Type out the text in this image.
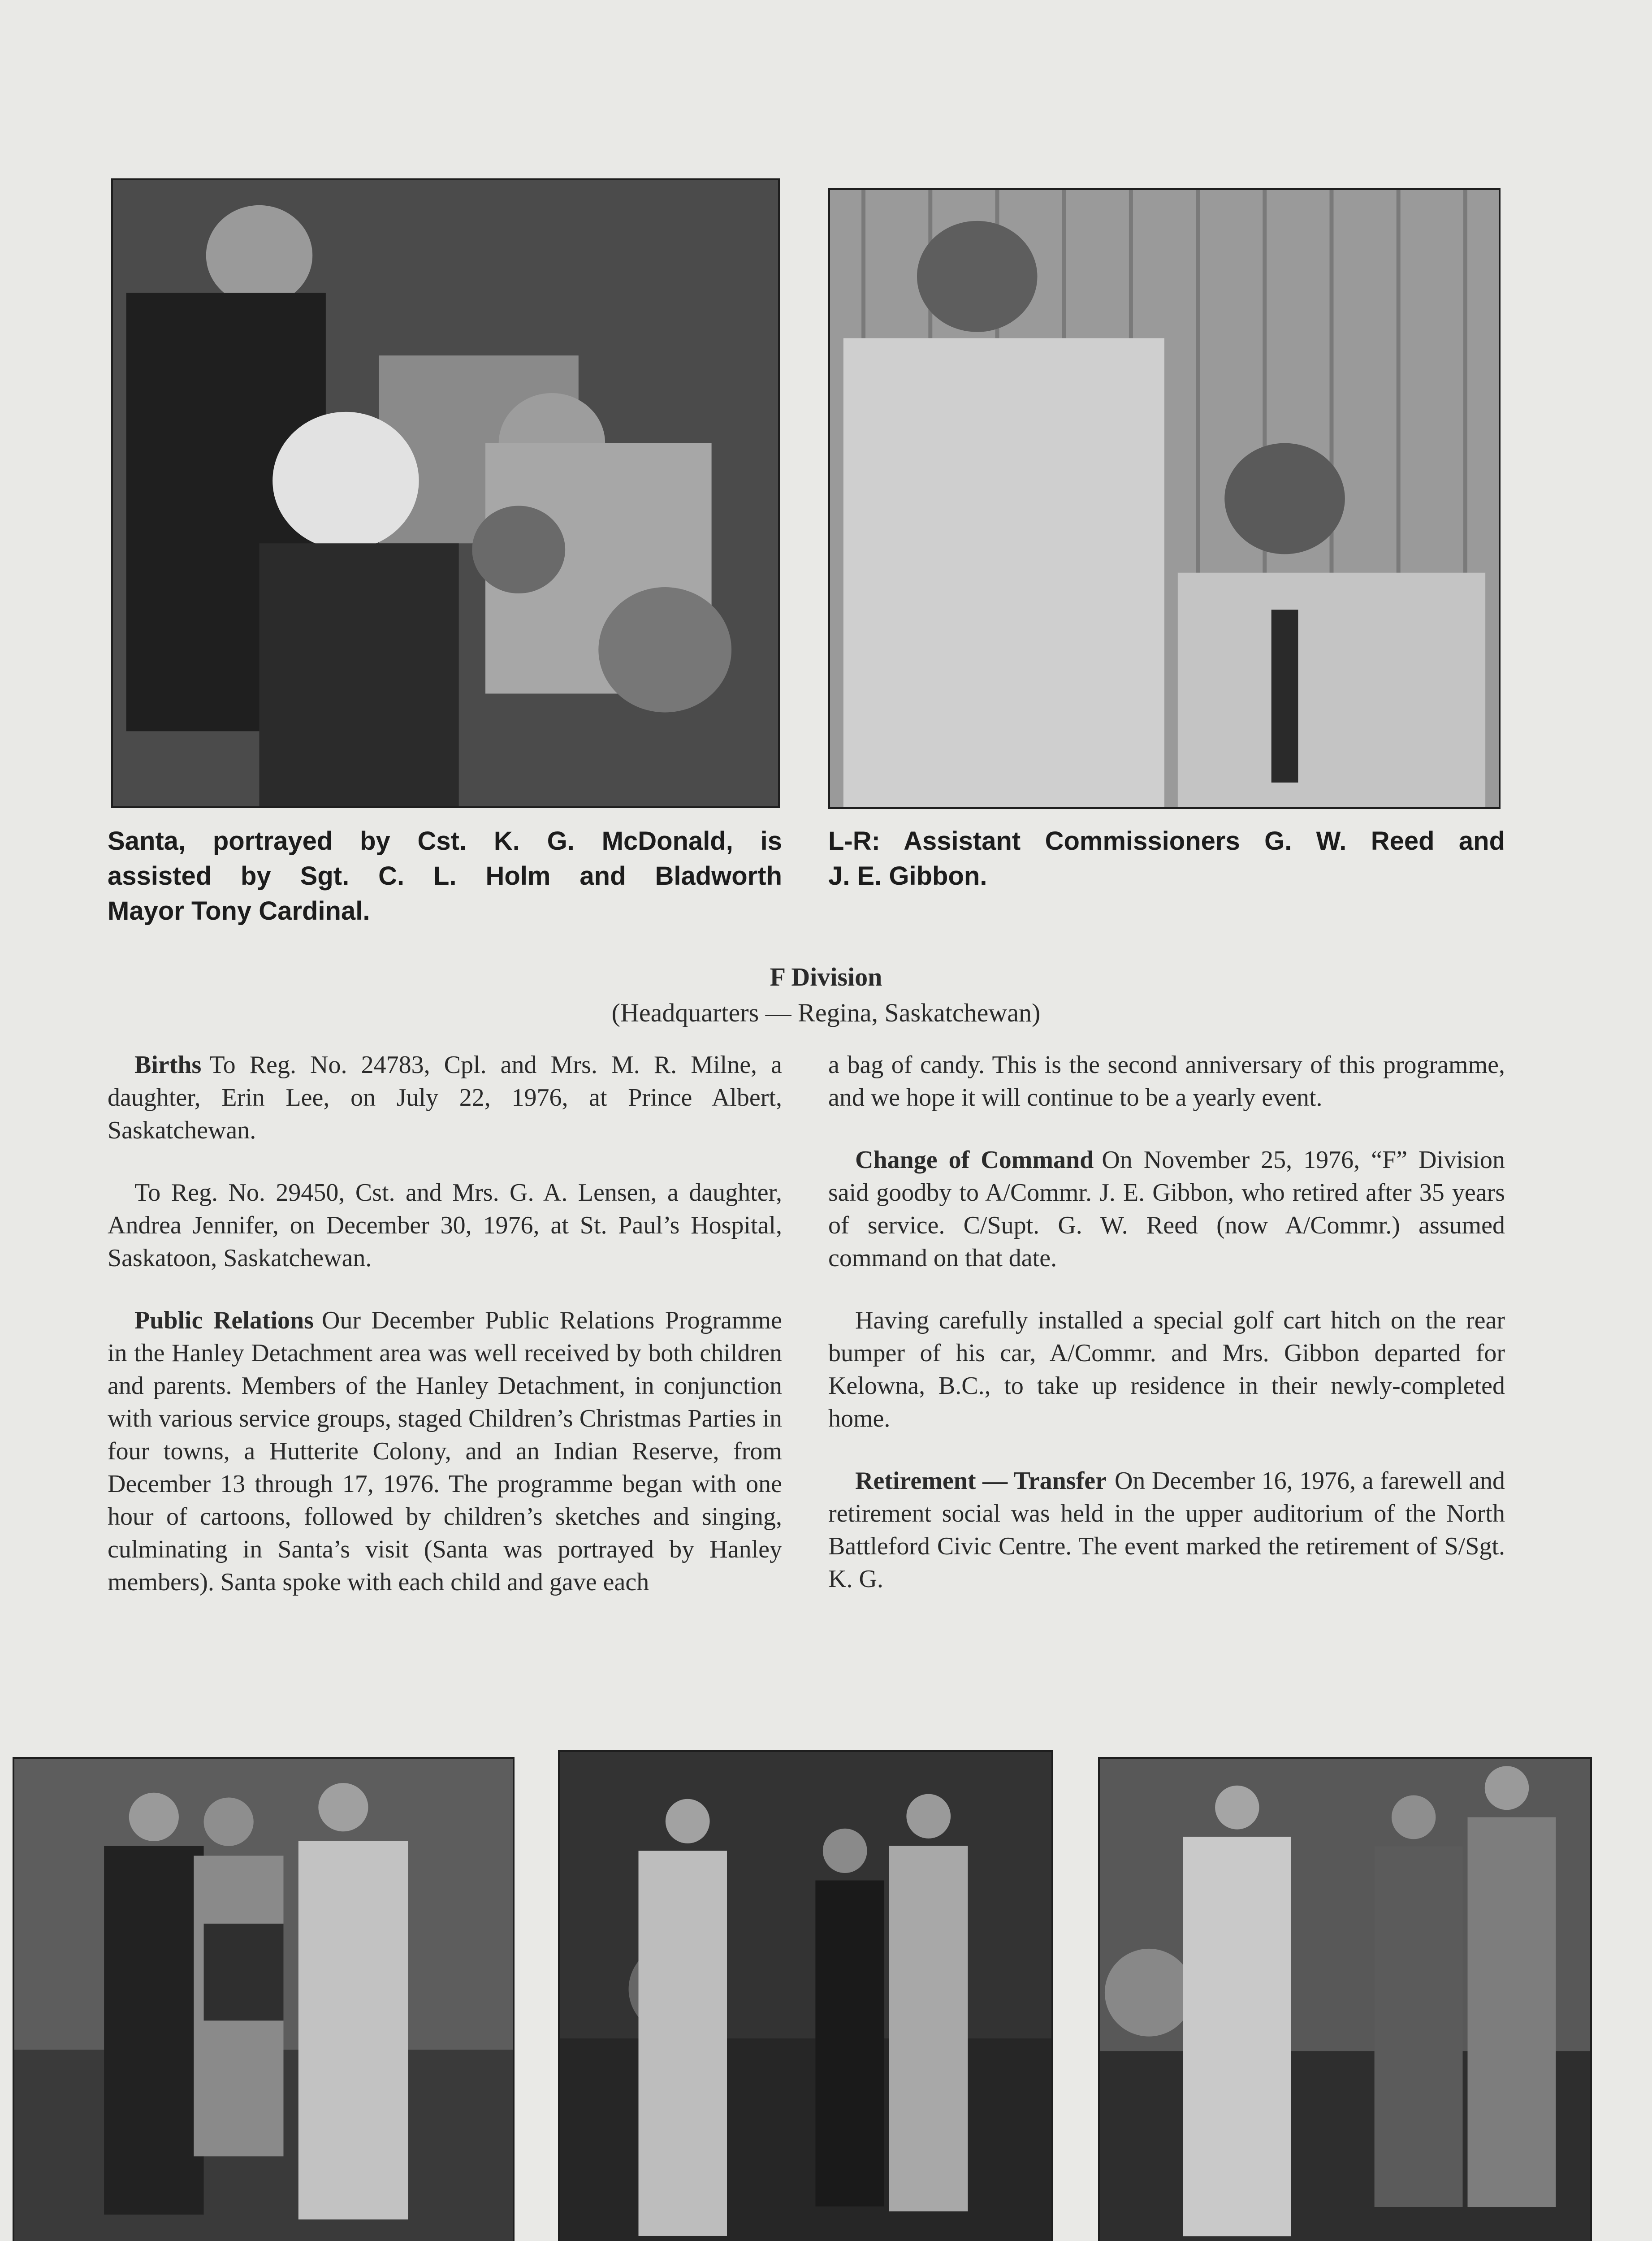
Santa, portrayed by Cst. K. G. McDonald, is
assisted by Sgt. C. L. Holm and Bladworth

Mayor Tony Cardinal.

L-R: Assistant Commissioners G. W. Reed and

J. E. Gibbon.

F Division

(Headquarters — Regina, Saskatchewan)

Births To Reg. No. 24783, Cpl. and Mrs. M. R. Milne, a daughter, Erin Lee, on July 22, 1976, at Prince Albert, Saskatchewan.

To Reg. No. 29450, Cst. and Mrs. G. A. Lensen, a daughter, Andrea Jennifer, on December 30, 1976, at St. Paul’s Hospital, Saskatoon, Saskatchewan.

Public Relations Our December Public Relations Programme in the Hanley Detachment area was well received by both children and parents. Members of the Hanley Detachment, in conjunction with various service groups, staged Children’s Christmas Parties in four towns, a Hutterite Colony, and an Indian Reserve, from December 13 through 17, 1976. The programme began with one hour of cartoons, followed by children’s sketches and singing, culminating in Santa’s visit (Santa was portrayed by Hanley members). Santa spoke with each child and gave each

a bag of candy. This is the second anniversary of this programme, and we hope it will continue to be a yearly event.

Change of Command On November 25, 1976, “F” Division said goodby to A/Commr. J. E. Gibbon, who retired after 35 years of service. C/Supt. G. W. Reed (now A/Commr.) assumed command on that date.

Having carefully installed a special golf cart hitch on the rear bumper of his car, A/Commr. and Mrs. Gibbon departed for Kelowna, B.C., to take up residence in their newly-completed home.

Retirement — Transfer On December 16, 1976, a farewell and retirement social was held in the upper auditorium of the North Battleford Civic Centre. The event marked the retirement of S/Sgt. K. G.
